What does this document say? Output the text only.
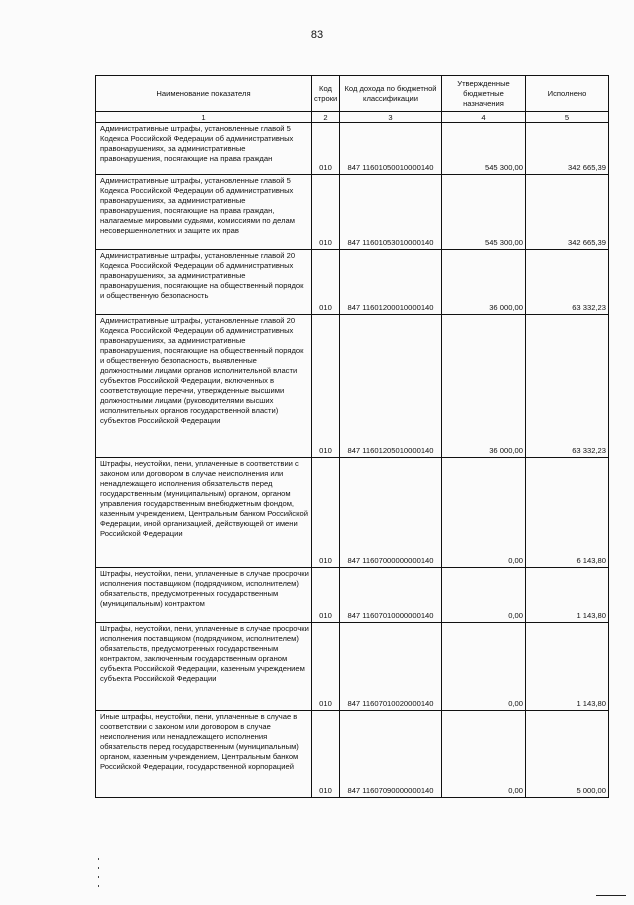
83
Наименование показателя	Код строки	Код дохода по бюджетной классификации	Утвержденные бюджетные назначения	Исполнено
1	2	3	4	5
Административные штрафы, установленные главой 5 Кодекса Российской Федерации об административных правонарушениях, за административные правонарушения, посягающие на права граждан	010	847 11601050010000140	545 300,00	342 665,39
Административные штрафы, установленные главой 5 Кодекса Российской Федерации об административных правонарушениях, за административные правонарушения, посягающие на права граждан, налагаемые мировыми судьями, комиссиями по делам несовершеннолетних и защите их прав	010	847 11601053010000140	545 300,00	342 665,39
Административные штрафы, установленные главой 20 Кодекса Российской Федерации об административных правонарушениях, за административные правонарушения, посягающие на общественный порядок и общественную безопасность	010	847 11601200010000140	36 000,00	63 332,23
Административные штрафы, установленные главой 20 Кодекса Российской Федерации об административных правонарушениях, за административные правонарушения, посягающие на общественный порядок и общественную безопасность, выявленные должностными лицами органов исполнительной власти субъектов Российской Федерации, включенных в соответствующие перечни, утвержденные высшими должностными лицами (руководителями высших исполнительных органов государственной власти) субъектов Российской Федерации	010	847 11601205010000140	36 000,00	63 332,23
Штрафы, неустойки, пени, уплаченные в соответствии с законом или договором в случае неисполнения или ненадлежащего исполнения обязательств перед государственным (муниципальным) органом, органом управления государственным внебюджетным фондом, казенным учреждением, Центральным банком Российской Федерации, иной организацией, действующей от имени Российской Федерации	010	847 11607000000000140	0,00	6 143,80
Штрафы, неустойки, пени, уплаченные в случае просрочки исполнения поставщиком (подрядчиком, исполнителем) обязательств, предусмотренных государственным (муниципальным) контрактом	010	847 11607010000000140	0,00	1 143,80
Штрафы, неустойки, пени, уплаченные в случае просрочки исполнения поставщиком (подрядчиком, исполнителем) обязательств, предусмотренных государственным контрактом, заключенным государственным органом субъекта Российской Федерации, казенным учреждением субъекта Российской Федерации	010	847 11607010020000140	0,00	1 143,80
Иные штрафы, неустойки, пени, уплаченные в случае в соответствии с законом или договором в случае неисполнения или ненадлежащего исполнения обязательств перед государственным (муниципальным) органом, казенным учреждением, Центральным банком Российской Федерации, государственной корпорацией	010	847 11607090000000140	0,00	5 000,00
